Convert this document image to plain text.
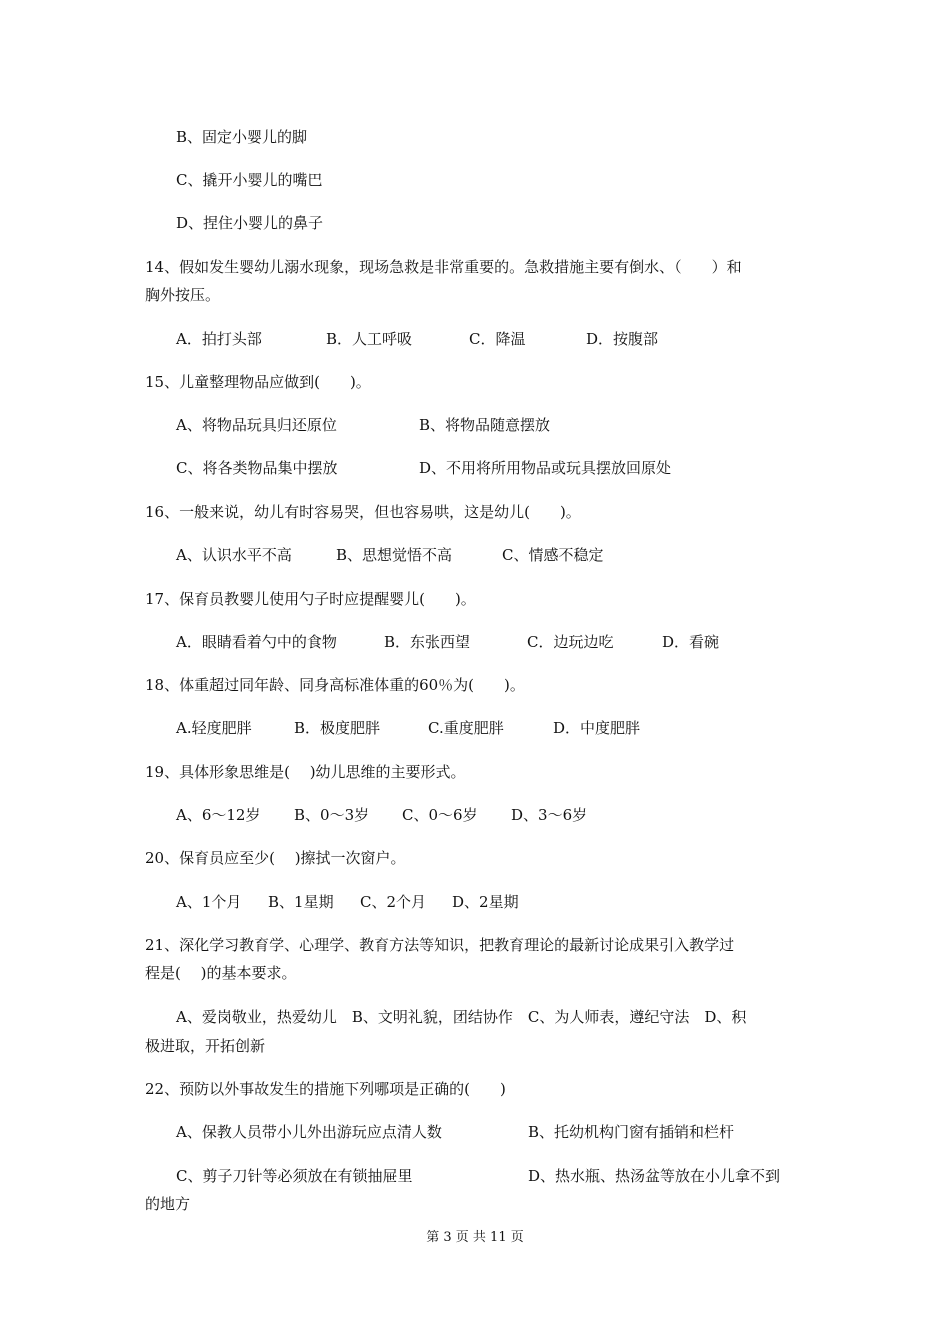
B、固定小婴儿的脚
C、撬开小婴儿的嘴巴
D、捏住小婴儿的鼻子
14、假如发生婴幼儿溺水现象，现场急救是非常重要的。急救措施主要有倒水、（　　）和
胸外按压。
A．拍打头部	B．人工呼吸	C．降温	D．按腹部
15、儿童整理物品应做到(　　)。
A、将物品玩具归还原位	B、将物品随意摆放
C、将各类物品集中摆放	D、不用将所用物品或玩具摆放回原处
16、一般来说，幼儿有时容易哭，但也容易哄，这是幼儿(　　)。
A、认识水平不高	B、思想觉悟不高	C、情感不稳定
17、保育员教婴儿使用勺子时应提醒婴儿(　　)。
A．眼睛看着勺中的食物	B．东张西望	C．边玩边吃	D．看碗
18、体重超过同年龄、同身高标准体重的60％为(　　)。
A.轻度肥胖	B．极度肥胖	C.重度肥胖	D．中度肥胖
19、具体形象思维是(　 )幼儿思维的主要形式。
A、6～12岁 B、0～3岁 C、0～6岁 D、3～6岁
20、保育员应至少(　 )擦拭一次窗户。
A、1个月 B、1星期 C、2个月 D、2星期
21、深化学习教育学、心理学、教育方法等知识，把教育理论的最新讨论成果引入教学过
程是(　 )的基本要求。
A、爱岗敬业，热爱幼儿　B、文明礼貌，团结协作　C、为人师表，遵纪守法　D、积
极进取，开拓创新
22、预防以外事故发生的措施下列哪项是正确的(　　)
A、保教人员带小儿外出游玩应点清人数	B、托幼机构门窗有插销和栏杆
C、剪子刀针等必须放在有锁抽屉里	D、热水瓶、热汤盆等放在小儿拿不到
的地方
第 3 页 共 11 页
